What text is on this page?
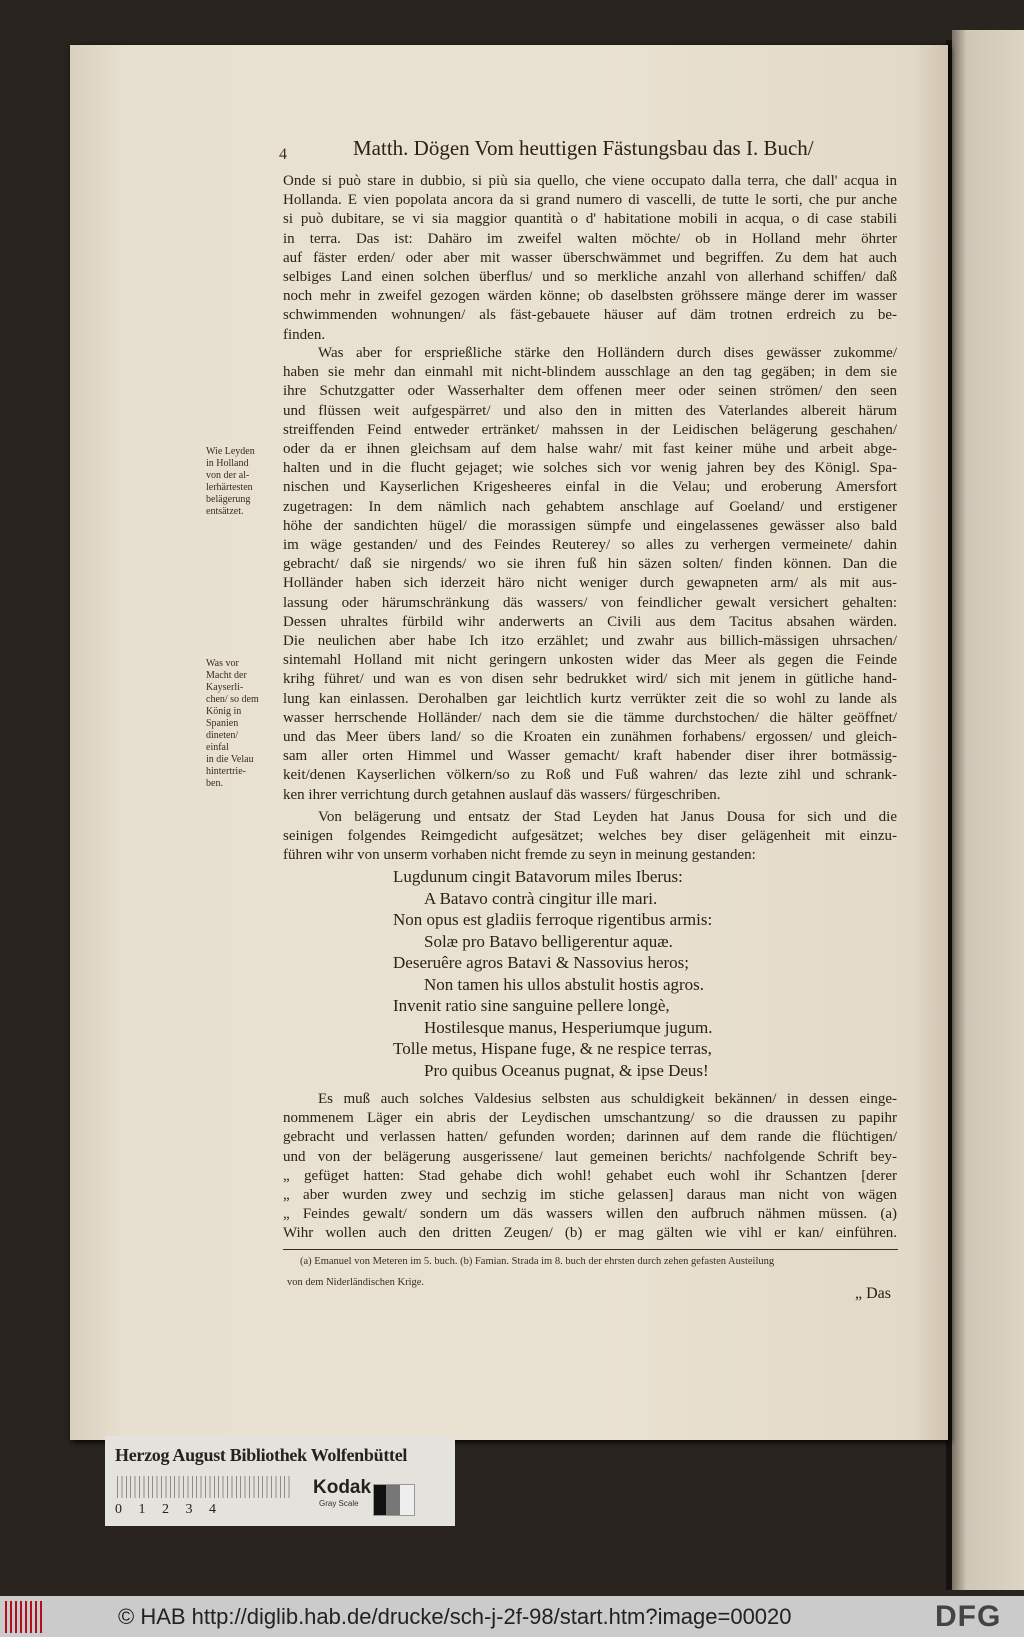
4	Matth. Dögen Vom heuttigen Fästungsbau das I. Buch/
Onde si può stare in dubbio, si più sia quello, che viene occupato dalla terra, che dall' acqua in
Hollanda. E vien popolata ancora da si grand numero di vascelli, de tutte le sorti, che pur anche
si può dubitare, se vi sia maggior quantità o d' habitatione mobili in acqua, o di case stabili
in terra. Das ist: Dahäro im zweifel walten möchte/ ob in Holland mehr öhrter
auf fäster erden/ oder aber mit wasser überschwämmet und begriffen. Zu dem hat auch
selbiges Land einen solchen überflus/ und so merkliche anzahl von allerhand schiffen/ daß
noch mehr in zweifel gezogen wärden könne; ob daselbsten gröhssere mänge derer im wasser
schwimmenden wohnungen/ als fäst-gebauete häuser auf däm trotnen erdreich zu be-
finden.
Was aber for ersprießliche stärke den Holländern durch dises gewässer zukomme/
haben sie mehr dan einmahl mit nicht-blindem ausschlage an den tag gegäben; in dem sie
ihre Schutzgatter oder Wasserhalter dem offenen meer oder seinen strömen/ den seen
und flüssen weit aufgespärret/ und also den in mitten des Vaterlandes albereit härum
streiffenden Feind entweder ertränket/ mahssen in der Leidischen belägerung geschahen/
oder da er ihnen gleichsam auf dem halse wahr/ mit fast keiner mühe und arbeit abge-
halten und in die flucht gejaget; wie solches sich vor wenig jahren bey des Königl. Spa-
nischen und Kayserlichen Krigesheeres einfal in die Velau; und eroberung Amersfort
zugetragen: In dem nämlich nach gehabtem anschlage auf Goeland/ und erstigener
höhe der sandichten hügel/ die morassigen sümpfe und eingelassenes gewässer also bald
im wäge gestanden/ und des Feindes Reuterey/ so alles zu verhergen vermeinete/ dahin
gebracht/ daß sie nirgends/ wo sie ihren fuß hin säzen solten/ finden können. Dan die
Holländer haben sich iderzeit häro nicht weniger durch gewapneten arm/ als mit aus-
lassung oder härumschränkung däs wassers/ von feindlicher gewalt versichert gehalten:
Dessen uhraltes fürbild wihr anderwerts an Civili aus dem Tacitus absahen wärden.
Die neulichen aber habe Ich itzo erzählet; und zwahr aus billich-mässigen uhrsachen/
sintemahl Holland mit nicht geringern unkosten wider das Meer als gegen die Feinde
krihg führet/ und wan es von disen sehr bedrukket wird/ sich mit jenem in gütliche hand-
lung kan einlassen. Derohalben gar leichtlich kurtz verrükter zeit die so wohl zu lande als
wasser herrschende Holländer/ nach dem sie die tämme durchstochen/ die hälter geöffnet/
und das Meer übers land/ so die Kroaten ein zunähmen forhabens/ ergossen/ und gleich-
sam aller orten Himmel und Wasser gemacht/ kraft habender diser ihrer botmässig-
keit/denen Kayserlichen völkern/so zu Roß und Fuß wahren/ das lezte zihl und schrank-
ken ihrer verrichtung durch getahnen auslauf däs wassers/ fürgeschriben.
Von belägerung und entsatz der Stad Leyden hat Janus Dousa for sich und die
seinigen folgendes Reimgedicht aufgesätzet; welches bey diser gelägenheit mit einzu-
führen wihr von unserm vorhaben nicht fremde zu seyn in meinung gestanden:
Es muß auch solches Valdesius selbsten aus schuldigkeit bekännen/ in dessen einge-
nommenem Läger ein abris der Leydischen umschantzung/ so die draussen zu papihr
gebracht und verlassen hatten/ gefunden worden; darinnen auf dem rande die flüchtigen/
und von der belägerung ausgerissene/ laut gemeinen berichts/ nachfolgende Schrift bey-
„ gefüget hatten: Stad gehabe dich wohl! gehabet euch wohl ihr Schantzen [derer
„ aber wurden zwey und sechzig im stiche gelassen] daraus man nicht von wägen
„ Feindes gewalt/ sondern um däs wassers willen den aufbruch nähmen müssen. (a)
Wihr wollen auch den dritten Zeugen/ (b) er mag gälten wie vihl er kan/ einführen.
Wie Leyden
in Holland
von der al-
lerhärtesten
belägerung
entsätzet.
Was vor
Macht der
Kayserli-
chen/ so dem
König in
Spanien
dineten/
einfal
in die Velau
hintertrie-
ben.
Lugdunum cingit Batavorum miles Iberus:
A Batavo contrà cingitur ille mari.
Non opus est gladiis ferroque rigentibus armis:
Solæ pro Batavo belligerentur aquæ.
Deseruêre agros Batavi & Nassovius heros;
Non tamen his ullos abstulit hostis agros.
Invenit ratio sine sanguine pellere longè,
Hostilesque manus, Hesperiumque jugum.
Tolle metus, Hispane fuge, & ne respice terras,
Pro quibus Oceanus pugnat, & ipse Deus!
(a) Emanuel von Meteren im 5. buch. (b) Famian. Strada im 8. buch der ehrsten durch zehen gefasten Austeilung
von dem Niderländischen Krige.
„ Das
Herzog August Bibliothek Wolfenbüttel
0 1 2 3 4
Kodak
Gray Scale
© HAB http://diglib.hab.de/drucke/sch-j-2f-98/start.htm?image=00020	DFG
